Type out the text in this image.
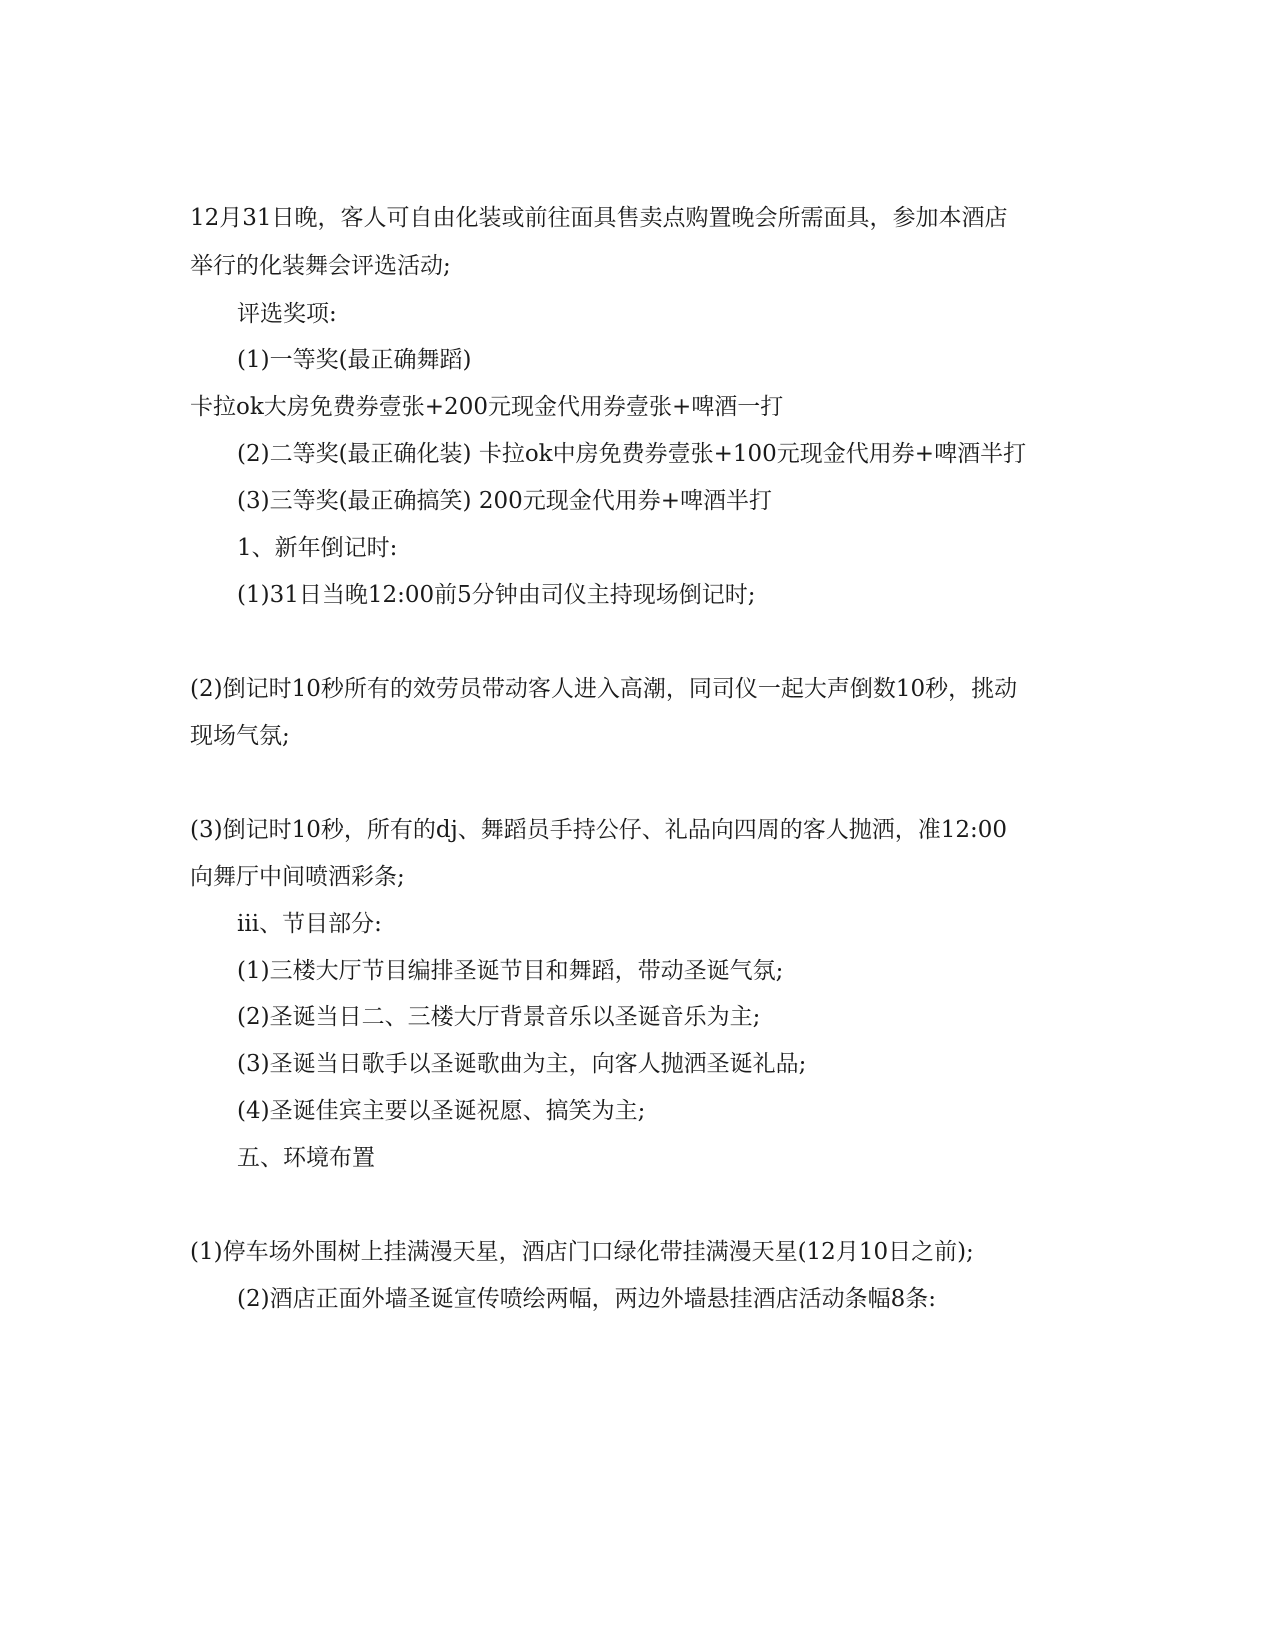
12月31日晚，客人可自由化装或前往面具售卖点购置晚会所需面具，参加本酒店
举行的化装舞会评选活动;
评选奖项:
(1)一等奖(最正确舞蹈)
卡拉ok大房免费券壹张+200元现金代用券壹张+啤酒一打
(2)二等奖(最正确化装) 卡拉ok中房免费券壹张+100元现金代用券+啤酒半打
(3)三等奖(最正确搞笑) 200元现金代用券+啤酒半打
1、新年倒记时:
(1)31日当晚12:00前5分钟由司仪主持现场倒记时;
(2)倒记时10秒所有的效劳员带动客人进入高潮，同司仪一起大声倒数10秒，挑动
现场气氛;
(3)倒记时10秒，所有的dj、舞蹈员手持公仔、礼品向四周的客人抛洒，准12:00
向舞厅中间喷洒彩条;
ⅲ、节目部分:
(1)三楼大厅节目编排圣诞节目和舞蹈，带动圣诞气氛;
(2)圣诞当日二、三楼大厅背景音乐以圣诞音乐为主;
(3)圣诞当日歌手以圣诞歌曲为主，向客人抛洒圣诞礼品;
(4)圣诞佳宾主要以圣诞祝愿、搞笑为主;
五、环境布置
(1)停车场外围树上挂满漫天星，酒店门口绿化带挂满漫天星(12月10日之前);
(2)酒店正面外墙圣诞宣传喷绘两幅，两边外墙悬挂酒店活动条幅8条:
